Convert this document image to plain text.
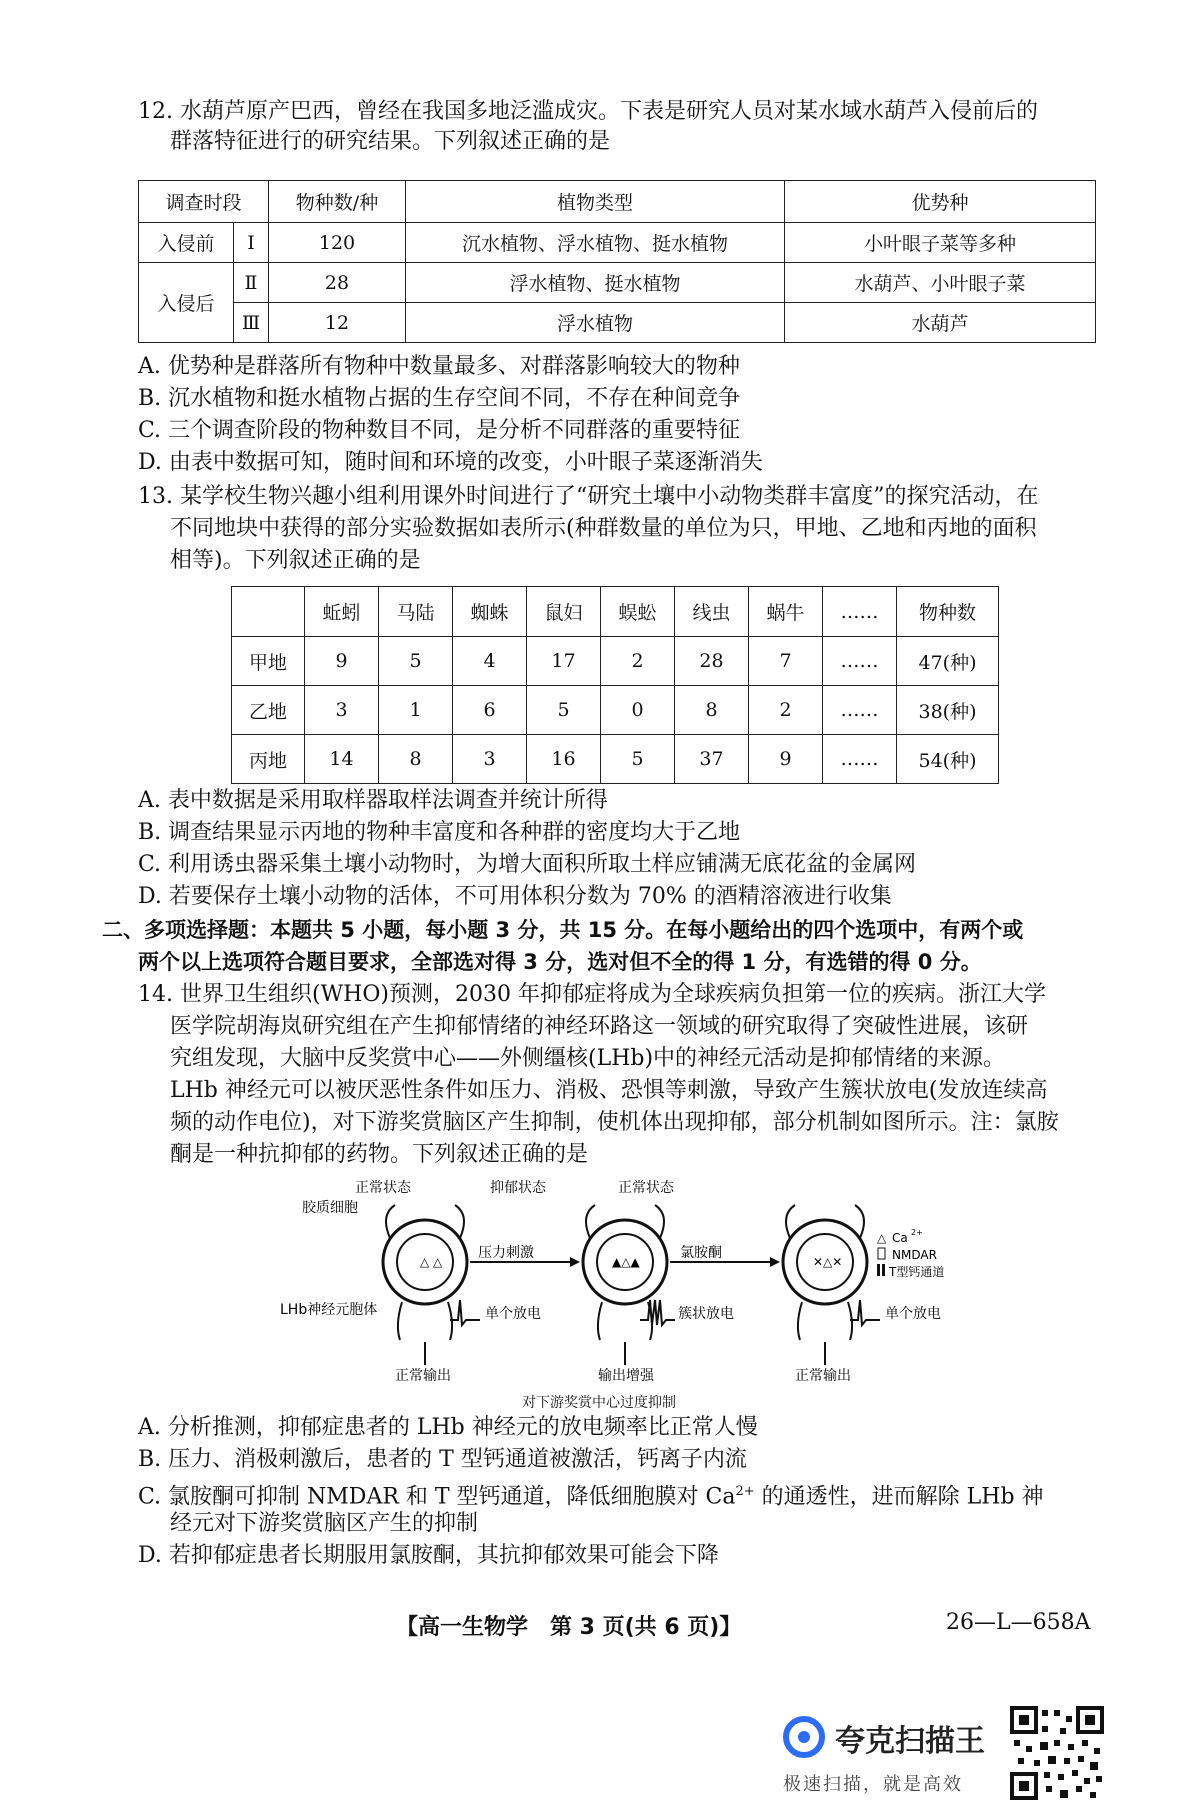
12. 水葫芦原产巴西，曾经在我国多地泛滥成灾。下表是研究人员对某水域水葫芦入侵前后的
群落特征进行的研究结果。下列叙述正确的是
调查时段		物种数/种	植物类型	优势种
入侵前	Ⅰ	120	沉水植物、浮水植物、挺水植物	小叶眼子菜等多种
入侵后	Ⅱ	28	浮水植物、挺水植物	水葫芦、小叶眼子菜
	Ⅲ	12	浮水植物	水葫芦
A. 优势种是群落所有物种中数量最多、对群落影响较大的物种
B. 沉水植物和挺水植物占据的生存空间不同，不存在种间竞争
C. 三个调查阶段的物种数目不同，是分析不同群落的重要特征
D. 由表中数据可知，随时间和环境的改变，小叶眼子菜逐渐消失
13. 某学校生物兴趣小组利用课外时间进行了“研究土壤中小动物类群丰富度”的探究活动，在
不同地块中获得的部分实验数据如表所示(种群数量的单位为只，甲地、乙地和丙地的面积
相等)。下列叙述正确的是
	蚯蚓	马陆	蜘蛛	鼠妇	蜈蚣	线虫	蜗牛	……	物种数
甲地	9	5	4	17	2	28	7	……	47(种)
乙地	3	1	6	5	0	8	2	……	38(种)
丙地	14	8	3	16	5	37	9	……	54(种)
A. 表中数据是采用取样器取样法调查并统计所得
B. 调查结果显示丙地的物种丰富度和各种群的密度均大于乙地
C. 利用诱虫器采集土壤小动物时，为增大面积所取土样应铺满无底花盆的金属网
D. 若要保存土壤小动物的活体，不可用体积分数为 70% 的酒精溶液进行收集
二、多项选择题：本题共 5 小题，每小题 3 分，共 15 分。在每小题给出的四个选项中，有两个或
两个以上选项符合题目要求，全部选对得 3 分，选对但不全的得 1 分，有选错的得 0 分。
14. 世界卫生组织(WHO)预测，2030 年抑郁症将成为全球疾病负担第一位的疾病。浙江大学
医学院胡海岚研究组在产生抑郁情绪的神经环路这一领域的研究取得了突破性进展，该研
究组发现，大脑中反奖赏中心——外侧缰核(LHb)中的神经元活动是抑郁情绪的来源。
LHb 神经元可以被厌恶性条件如压力、消极、恐惧等刺激，导致产生簇状放电(发放连续高
频的动作电位)，对下游奖赏脑区产生抑制，使机体出现抑郁，部分机制如图所示。注：氯胺
酮是一种抗抑郁的药物。下列叙述正确的是
△ △	▲△▲	✕△✕
正常状态	抑郁状态	正常状态
胶质细胞
压力刺激	氯胺酮
LHb神经元胞体	单个放电	簇状放电	单个放电
正常输出	输出增强	正常输出
△ Ca 2+
NMDAR
T型钙通道
对下游奖赏中心过度抑制
A. 分析推测，抑郁症患者的 LHb 神经元的放电频率比正常人慢
B. 压力、消极刺激后，患者的 T 型钙通道被激活，钙离子内流
C. 氯胺酮可抑制 NMDAR 和 T 型钙通道，降低细胞膜对 $Ca^{2+}$ 的通透性，进而解除 LHb 神
经元对下游奖赏脑区产生的抑制
D. 若抑郁症患者长期服用氯胺酮，其抗抑郁效果可能会下降
【高一生物学　第 3 页(共 6 页)】	26—L—658A
夸克扫描王
极速扫描，就是高效
